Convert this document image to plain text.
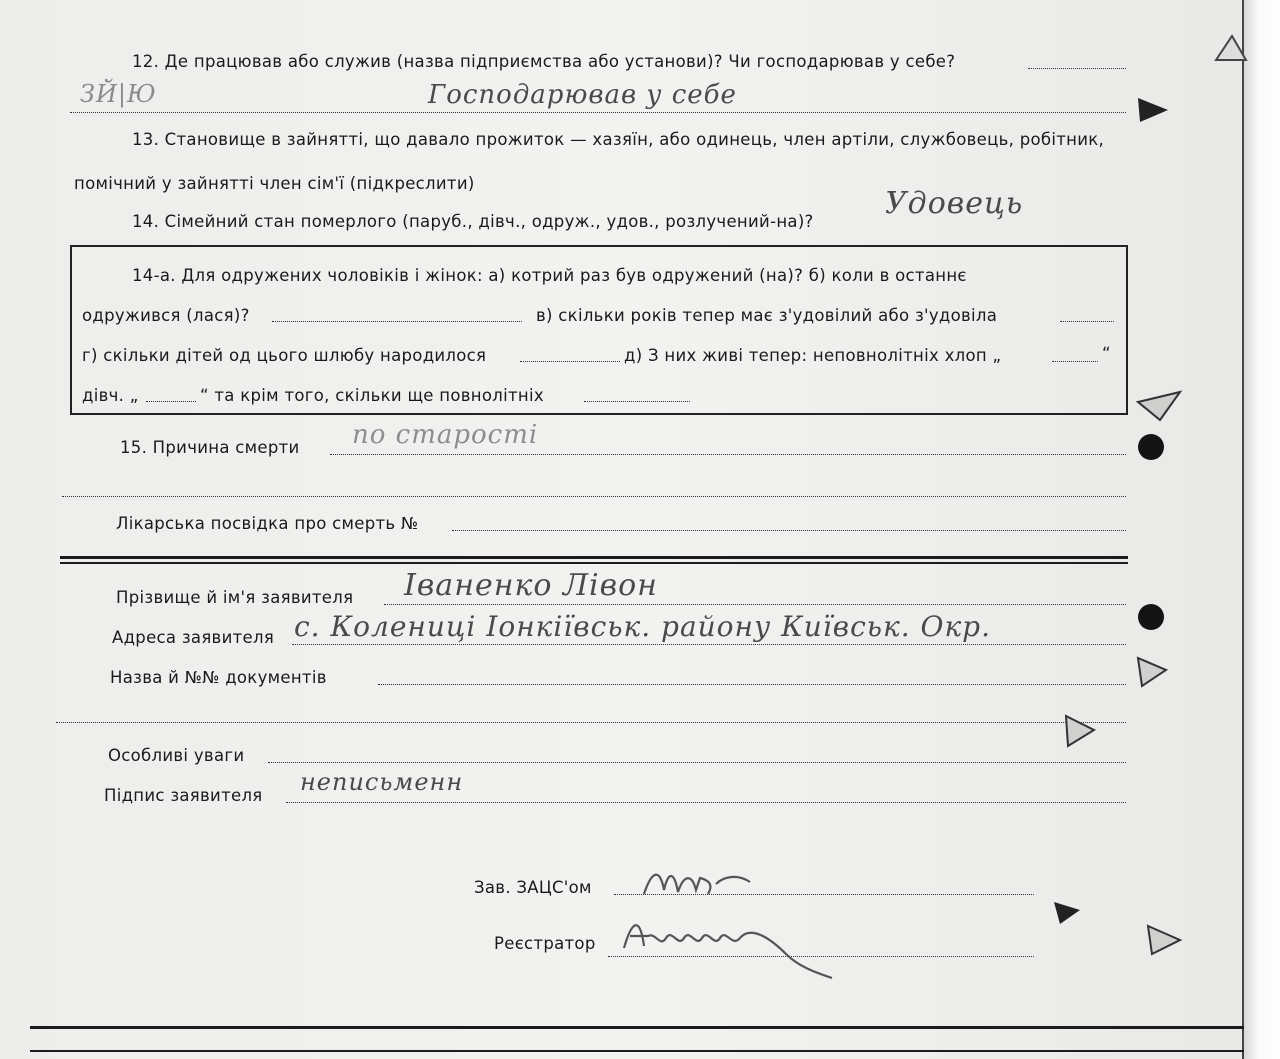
12. Де працював або служив (назва підприємства або установи)? Чи господарював у себе?
ЗЙ|Ю	Господарював у себе
13. Становище в зайнятті, що давало прожиток — хазяїн, або одинець, член артіли, службовець, робітник,
помічний у зайнятті член сім'ї (підкреслити)
14. Сімейний стан померлого (паруб., дівч., одруж., удов., розлучений-на)?
Удовець
14-а. Для одружених чоловіків і жінок: а) котрий раз був одружений (на)? б) коли в останнє
одружився (лася)?	в) скільки років тепер має з'удовілий або з'удовіла
г) скільки дітей од цього шлюбу народилося	д) З них живі тепер: неповнолітніх хлоп „	“
дівч. „	“ та крім того, скільки ще повнолітніх
15. Причина смерти по старості
Лікарська посвідка про смерть №
Прізвище й ім'я заявителя Іваненко Лівон
Адреса заявителя с. Колениці Іонкіївськ. району Київськ. Окр.
Назва й №№ документів
Особливі уваги
Підпис заявителя неписьменн
Зав. ЗАЦС'ом
Реєстратор
